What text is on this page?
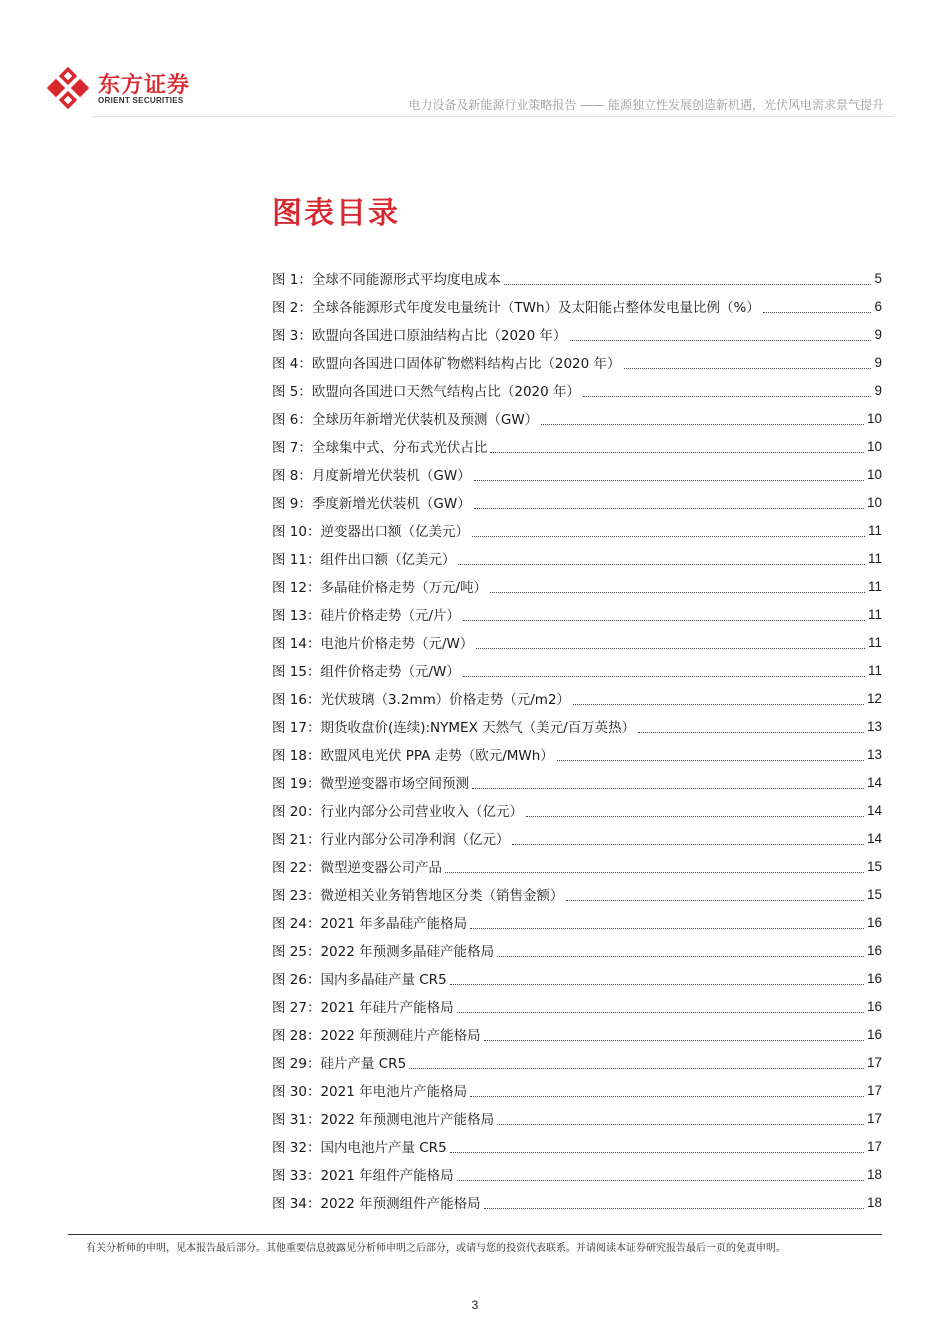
东方证券
ORIENT SECURITIES	电力设备及新能源行业策略报告 —— 能源独立性发展创造新机遇，光伏风电需求景气提升
图表目录
图 1：全球不同能源形式平均度电成本	5
图 2：全球各能源形式年度发电量统计（TWh）及太阳能占整体发电量比例（%）	6
图 3：欧盟向各国进口原油结构占比（2020 年）	9
图 4：欧盟向各国进口固体矿物燃料结构占比（2020 年）	9
图 5：欧盟向各国进口天然气结构占比（2020 年）	9
图 6：全球历年新增光伏装机及预测（GW）	10
图 7：全球集中式、分布式光伏占比	10
图 8：月度新增光伏装机（GW）	10
图 9：季度新增光伏装机（GW）	10
图 10：逆变器出口额（亿美元）	11
图 11：组件出口额（亿美元）	11
图 12：多晶硅价格走势（万元/吨）	11
图 13：硅片价格走势（元/片）	11
图 14：电池片价格走势（元/W）	11
图 15：组件价格走势（元/W）	11
图 16：光伏玻璃（3.2mm）价格走势（元/m2）	12
图 17：期货收盘价(连续):NYMEX 天然气（美元/百万英热）	13
图 18：欧盟风电光伏 PPA 走势（欧元/MWh）	13
图 19：微型逆变器市场空间预测	14
图 20：行业内部分公司营业收入（亿元）	14
图 21：行业内部分公司净利润（亿元）	14
图 22：微型逆变器公司产品	15
图 23：微逆相关业务销售地区分类（销售金额）	15
图 24：2021 年多晶硅产能格局	16
图 25：2022 年预测多晶硅产能格局	16
图 26：国内多晶硅产量 CR5	16
图 27：2021 年硅片产能格局	16
图 28：2022 年预测硅片产能格局	16
图 29：硅片产量 CR5	17
图 30：2021 年电池片产能格局	17
图 31：2022 年预测电池片产能格局	17
图 32：国内电池片产量 CR5	17
图 33：2021 年组件产能格局	18
图 34：2022 年预测组件产能格局	18
有关分析师的申明，见本报告最后部分。其他重要信息披露见分析师申明之后部分，或请与您的投资代表联系。并请阅读本证券研究报告最后一页的免责申明。
3
